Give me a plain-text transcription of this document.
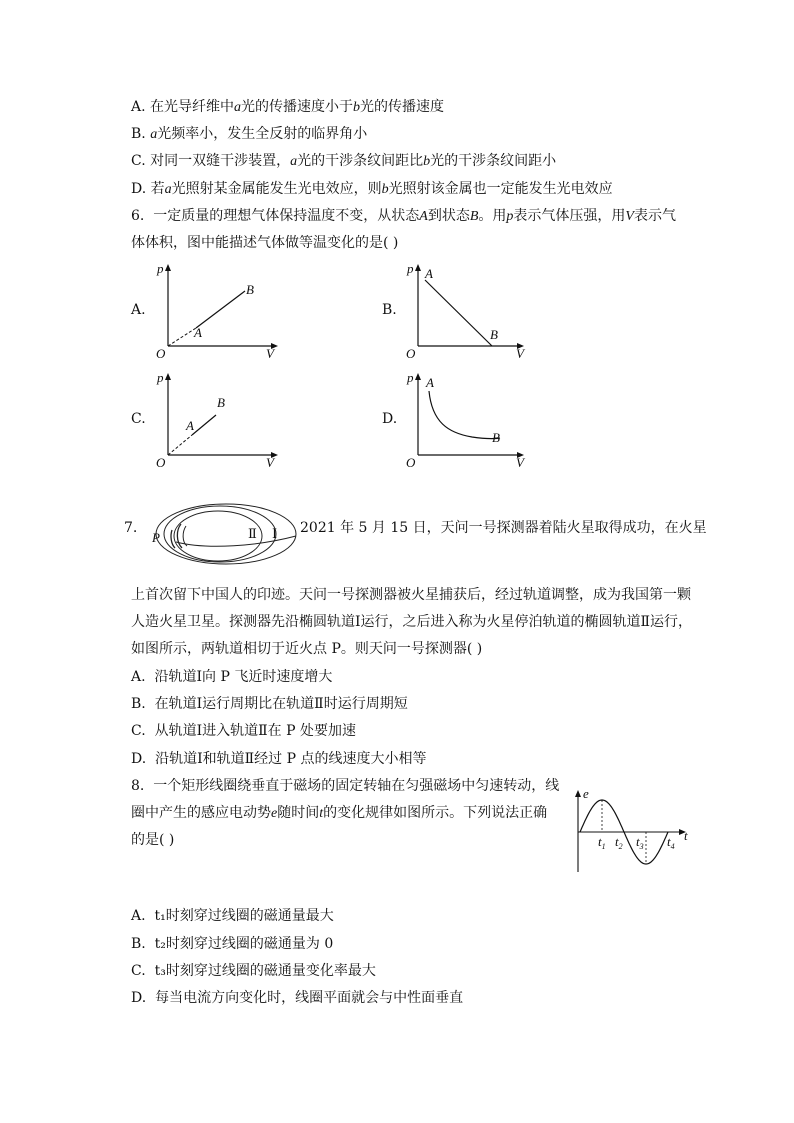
A. 在光导纤维中a光的传播速度小于b光的传播速度
B. a光频率小，发生全反射的临界角小
C. 对同一双缝干涉装置，a光的干涉条纹间距比b光的干涉条纹间距小
D. 若a光照射某金属能发生光电效应，则b光照射该金属也一定能发生光电效应
6. 一定质量的理想气体保持温度不变，从状态A到状态B。用p表示气体压强，用V表示气
体体积，图中能描述气体做等温变化的是( )
A.
p
O	V
A
B
B.
p A
O
B
V
C.
p
A
B
O	V
D.
p A
B
O	V
7.
P	Ⅱ Ⅰ 2021 年 5 月 15 日，天问一号探测器着陆火星取得成功，在火星
上首次留下中国人的印迹。天问一号探测器被火星捕获后，经过轨道调整，成为我国第一颗
人造火星卫星。探测器先沿椭圆轨道Ⅰ运行，之后进入称为火星停泊轨道的椭圆轨道Ⅱ运行，
如图所示，两轨道相切于近火点 P。则天问一号探测器( )
A. 沿轨道Ⅰ向 P 飞近时速度增大
B. 在轨道Ⅰ运行周期比在轨道Ⅱ时运行周期短
C. 从轨道Ⅰ进入轨道Ⅱ在 P 处要加速
D. 沿轨道Ⅰ和轨道Ⅱ经过 P 点的线速度大小相等
8. 一个矩形线圈绕垂直于磁场的固定转轴在匀强磁场中匀速转动，线
圈中产生的感应电动势e随时间t的变化规律如图所示。下列说法正确
的是( )
e
t
$t_1$ $t_2$ $t_3$ $t_4$
A. t₁时刻穿过线圈的磁通量最大
B. t₂时刻穿过线圈的磁通量为 0
C. t₃时刻穿过线圈的磁通量变化率最大
D. 每当电流方向变化时，线圈平面就会与中性面垂直
